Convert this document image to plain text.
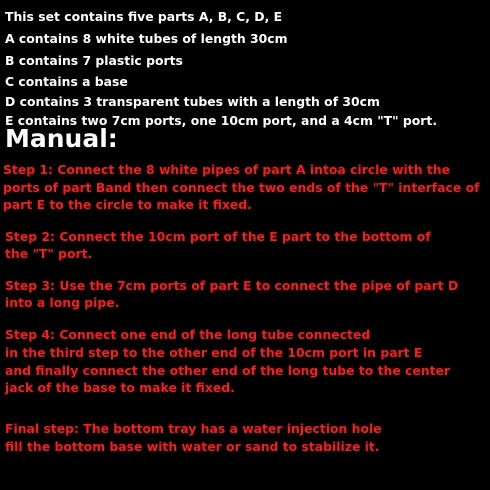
This set contains five parts A, B, C, D, E
A contains 8 white tubes of length 30cm
B contains 7 plastic ports
C contains a base
D contains 3 transparent tubes with a length of 30cm
E contains two 7cm ports, one 10cm port, and a 4cm "T" port.
Manual:
Step 1: Connect the 8 white pipes of part A intoa circle with the
ports of part Band then connect the two ends of the "T" interface of
part E to the circle to make it fixed.
Step 2: Connect the 10cm port of the E part to the bottom of
the "T" port.
Step 3: Use the 7cm ports of part E to connect the pipe of part D
into a long pipe.
Step 4: Connect one end of the long tube connected
in the third step to the other end of the 10cm port in part E
and finally connect the other end of the long tube to the center
jack of the base to make it fixed.
Final step: The bottom tray has a water injection hole
fill the bottom base with water or sand to stabilize it.
